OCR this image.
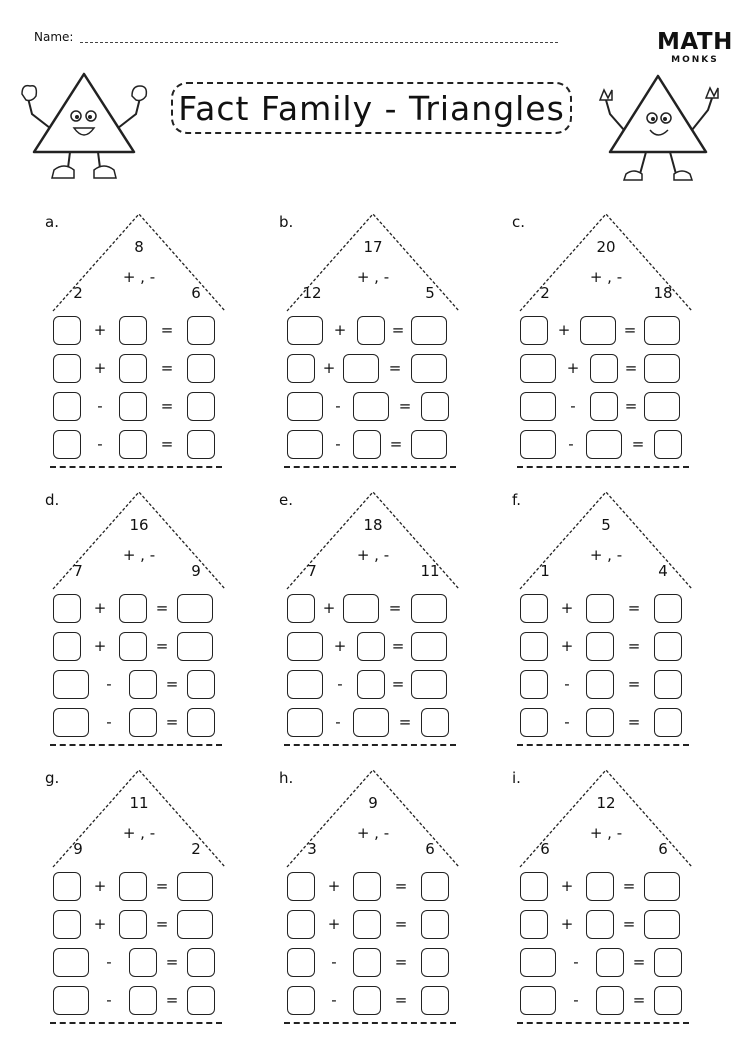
Name:	MATH
MONKS
Fact Family - Triangles
a.
8
+ , -
2	6
+	=
+	=
-	=
-	=
b.
17
+ , -
12	5
+	=
+	=
-	=
-	=
c.
20
+ , -
2	18
+	=
+	=
-	=
-	=
d.
16
+ , -
7	9
+	=
+	=
-	=
-	=
e.
18
+ , -
7	11
+	=
+	=
-	=
-	=
f.
5
+ , -
1	4
+	=
+	=
-	=
-	=
g.
11
+ , -
9	2
+	=
+	=
-	=
-	=
h.
9
+ , -
3	6
+	=
+	=
-	=
-	=
i.
12
+ , -
6	6
+	=
+	=
-	=
-	=
